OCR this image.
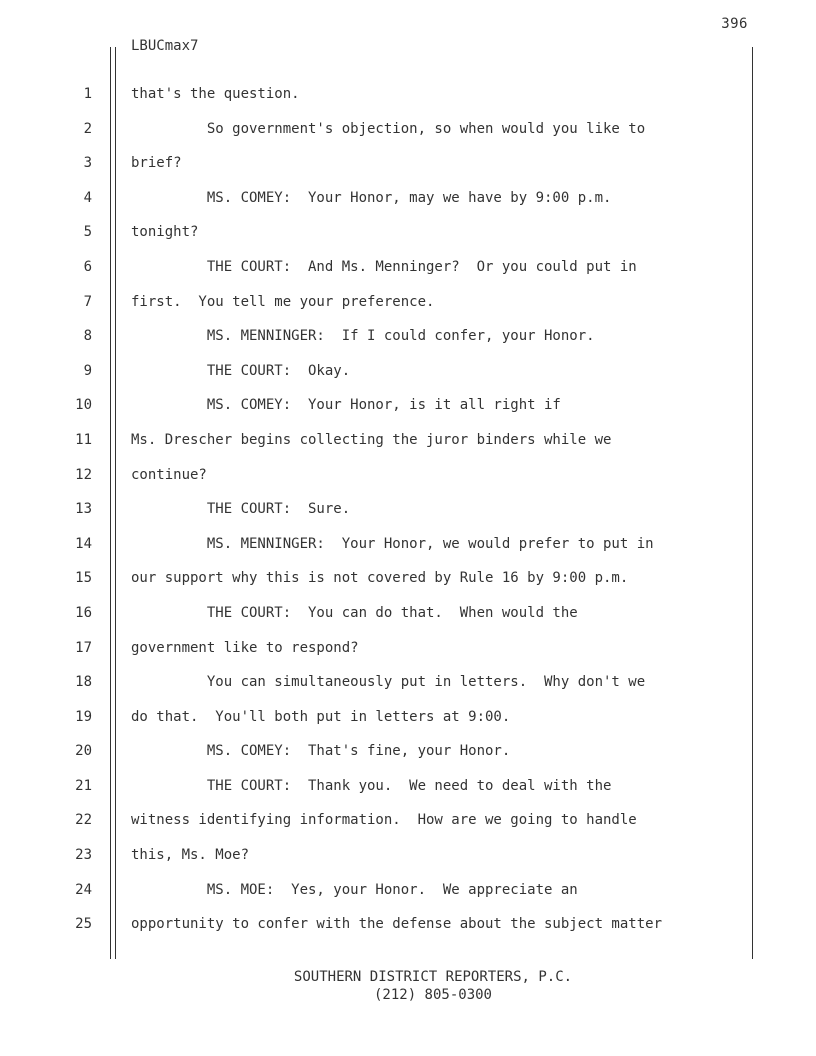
396
LBUCmax7
1	that's the question.
2	So government's objection, so when would you like to
3	brief?
4	MS. COMEY:  Your Honor, may we have by 9:00 p.m.
5	tonight?
6	THE COURT:  And Ms. Menninger?  Or you could put in
7	first.  You tell me your preference.
8	MS. MENNINGER:  If I could confer, your Honor.
9	THE COURT:  Okay.
10	MS. COMEY:  Your Honor, is it all right if
11	Ms. Drescher begins collecting the juror binders while we
12	continue?
13	THE COURT:  Sure.
14	MS. MENNINGER:  Your Honor, we would prefer to put in
15	our support why this is not covered by Rule 16 by 9:00 p.m.
16	THE COURT:  You can do that.  When would the
17	government like to respond?
18	You can simultaneously put in letters.  Why don't we
19	do that.  You'll both put in letters at 9:00.
20	MS. COMEY:  That's fine, your Honor.
21	THE COURT:  Thank you.  We need to deal with the
22	witness identifying information.  How are we going to handle
23	this, Ms. Moe?
24	MS. MOE:  Yes, your Honor.  We appreciate an
25	opportunity to confer with the defense about the subject matter
SOUTHERN DISTRICT REPORTERS, P.C.
(212) 805-0300
